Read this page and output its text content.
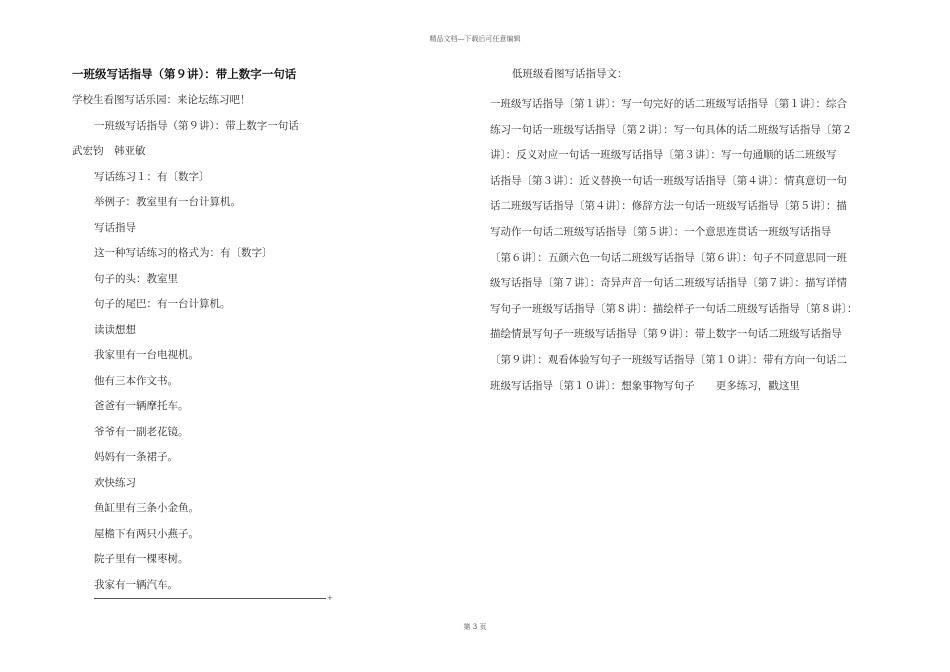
精品文档—下载后可任意编辑
一班级写话指导（第９讲）：带上数字一句话
学校生看图写话乐园：来论坛练习吧！
一班级写话指导（第９讲）：带上数字一句话
武宏钧　韩亚敏
写话练习１：有〔数字〕
举例子：教室里有一台计算机。
写话指导
这一种写话练习的格式为：有〔数字〕
句子的头：教室里
句子的尾巴：有一台计算机。
读读想想
我家里有一台电视机。
他有三本作文书。
爸爸有一辆摩托车。
爷爷有一副老花镜。
妈妈有一条裙子。
欢快练习
鱼缸里有三条小金鱼。
屋檐下有两只小燕子。
院子里有一棵枣树。
我家有一辆汽车。
+
低班级看图写话指导文：
一班级写话指导〔第１讲〕：写一句完好的话二班级写话指导〔第１讲〕：综合
练习一句话一班级写话指导〔第２讲〕：写一句具体的话二班级写话指导〔第２
讲〕：反义对应一句话一班级写话指导〔第３讲〕：写一句通顺的话二班级写
话指导〔第３讲〕：近义替换一句话一班级写话指导〔第４讲〕：情真意切一句
话二班级写话指导〔第４讲〕：修辞方法一句话一班级写话指导〔第５讲〕：描
写动作一句话二班级写话指导〔第５讲〕：一个意思连贯话一班级写话指导
〔第６讲〕：五颜六色一句话二班级写话指导〔第６讲〕：句子不同意思同一班
级写话指导〔第７讲〕：奇异声音一句话二班级写话指导〔第７讲〕：描写详情
写句子一班级写话指导〔第８讲〕：描绘样子一句话二班级写话指导〔第８讲〕：
描绘情景写句子一班级写话指导〔第９讲〕：带上数字一句话二班级写话指导
〔第９讲〕：观看体验写句子一班级写话指导〔第１０讲〕：带有方向一句话二
班级写话指导〔第１０讲〕：想象事物写句子　　更多练习，戳这里
第 3 页
